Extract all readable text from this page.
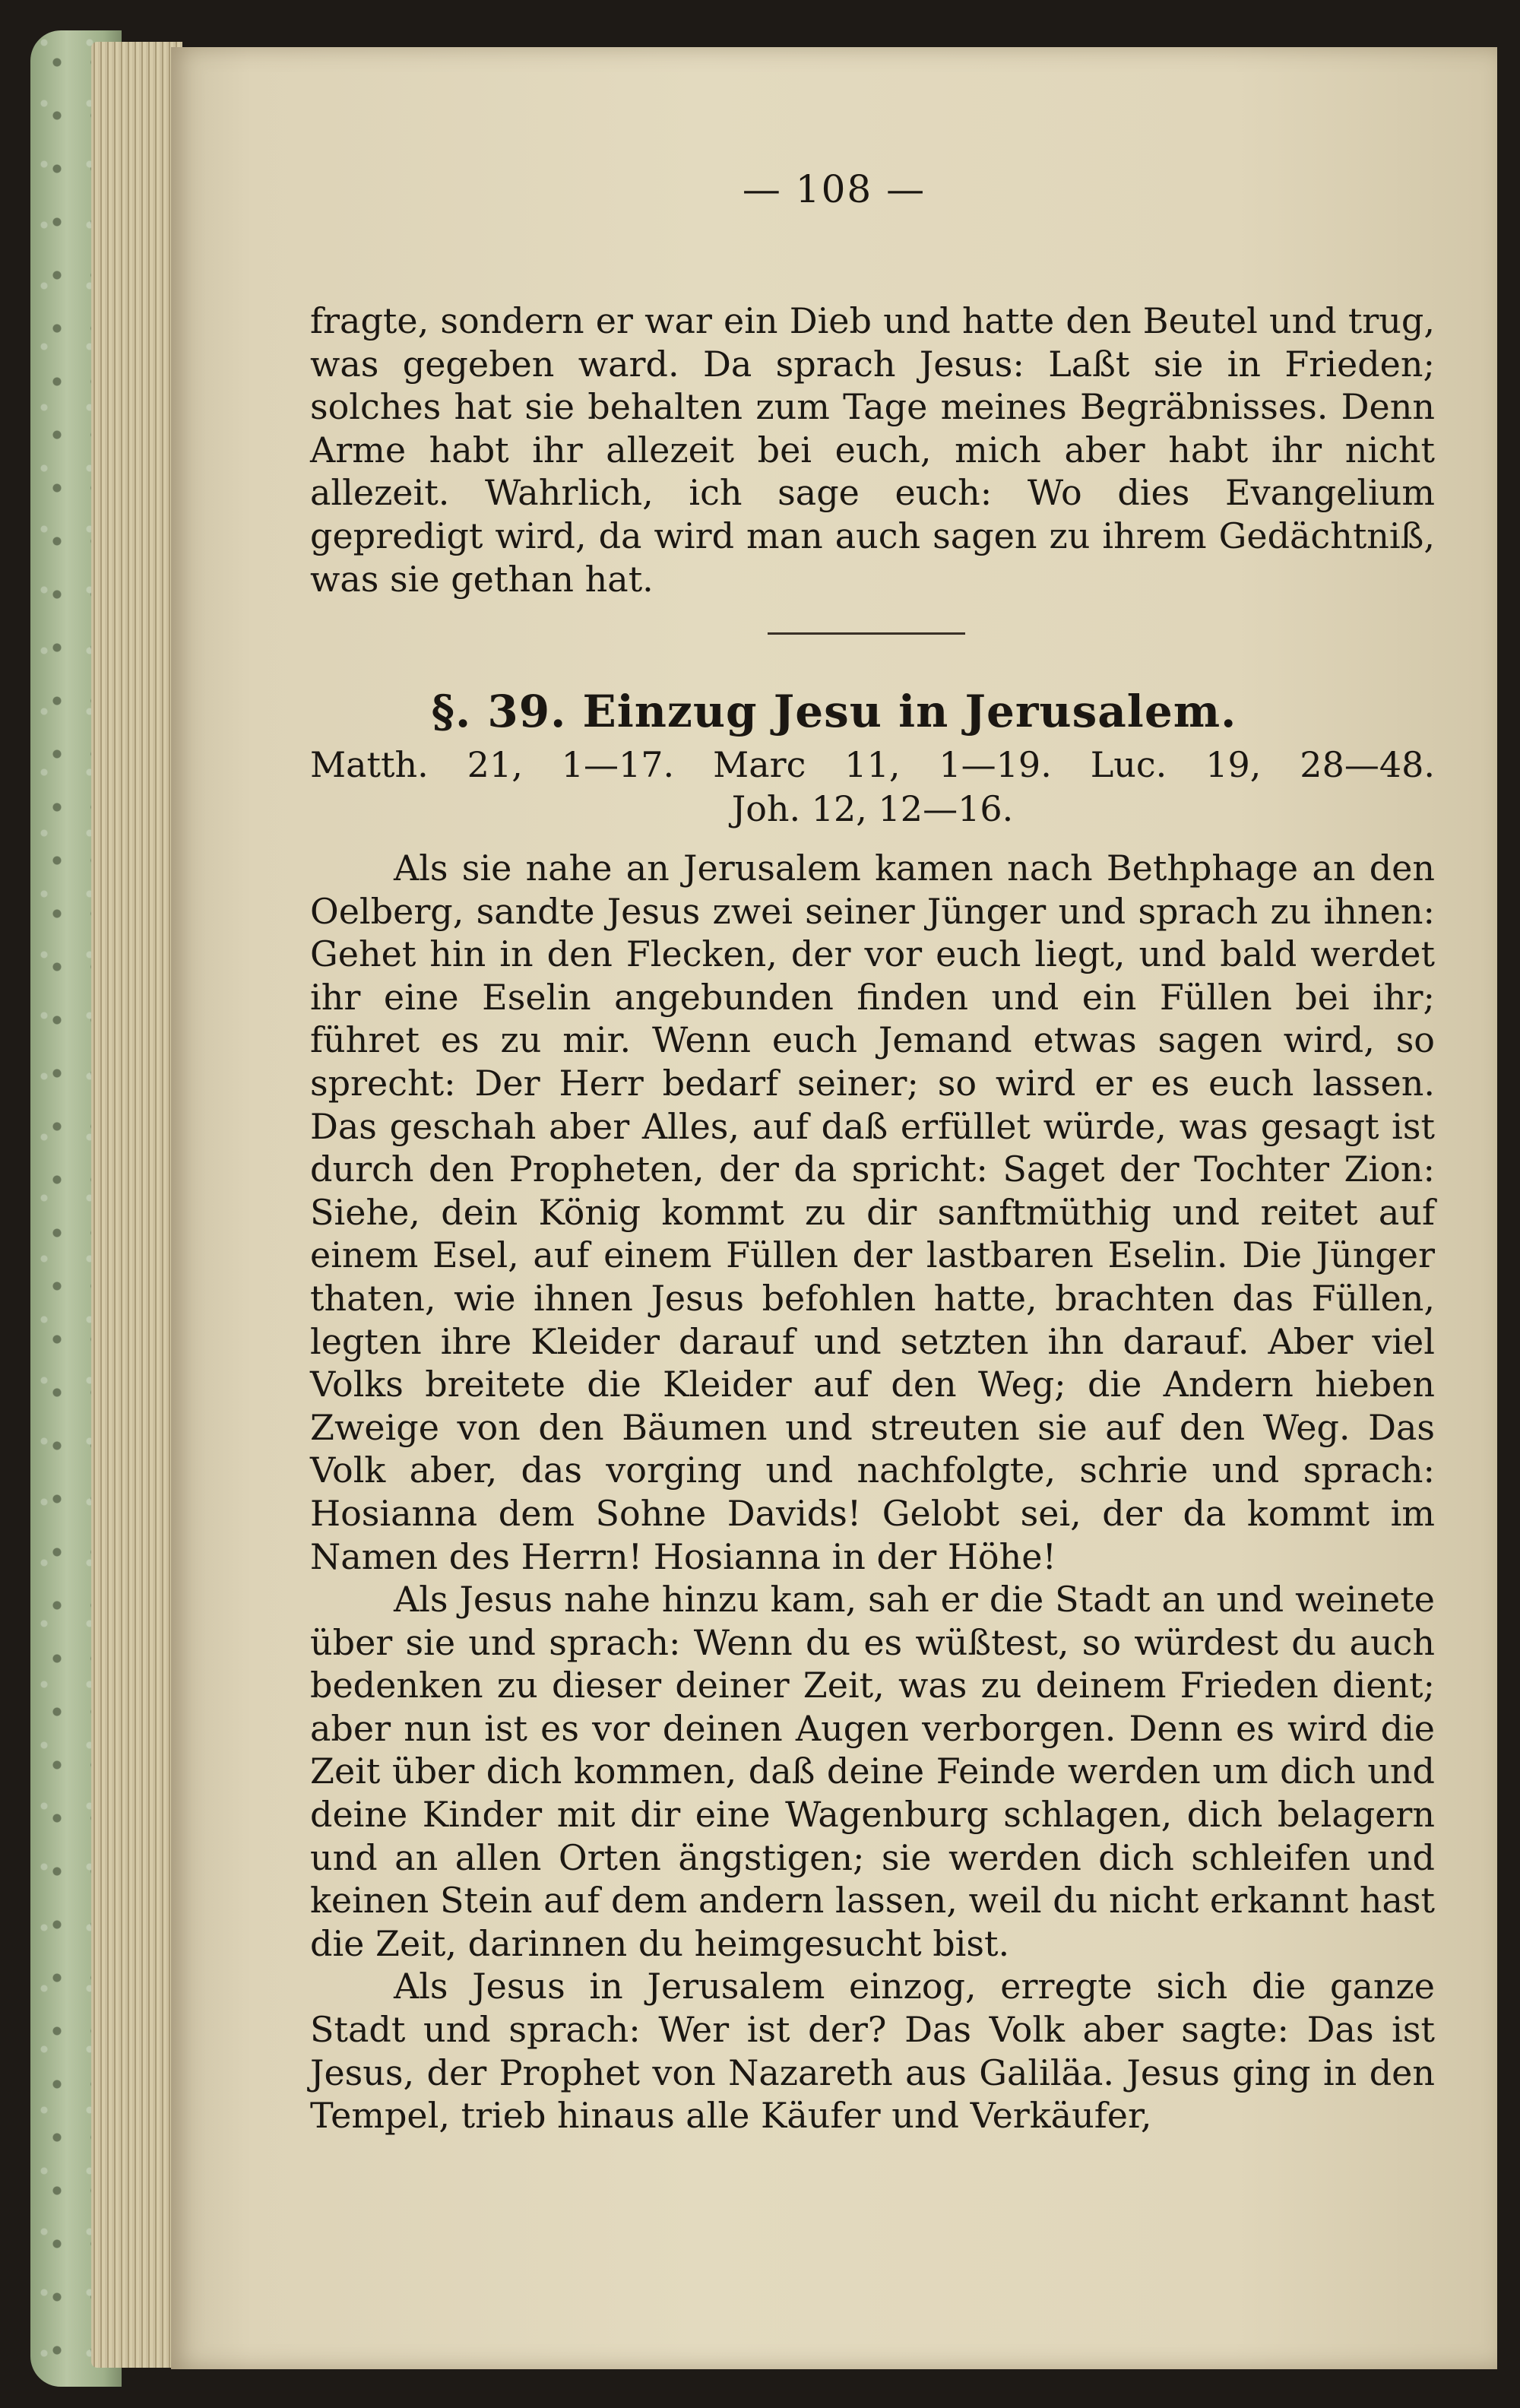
— 108 —

fragte, sondern er war ein Dieb und hatte den Beutel und trug, was gegeben ward. Da sprach Jesus: Laßt sie in Frieden; solches hat sie behalten zum Tage meines Begräbnisses. Denn Arme habt ihr allezeit bei euch, mich aber habt ihr nicht allezeit. Wahrlich, ich sage euch: Wo dies Evangelium gepredigt wird, da wird man auch sagen zu ihrem Gedächtniß, was sie gethan hat.

§. 39. Einzug Jesu in Jerusalem.
Matth. 21, 1—17. Marc 11, 1—19. Luc. 19, 28—48.
Joh. 12, 12—16.

Als sie nahe an Jerusalem kamen nach Bethphage an den Oelberg, sandte Jesus zwei seiner Jünger und sprach zu ihnen: Gehet hin in den Flecken, der vor euch liegt, und bald werdet ihr eine Eselin angebunden finden und ein Füllen bei ihr; führet es zu mir. Wenn euch Jemand etwas sagen wird, so sprecht: Der Herr bedarf seiner; so wird er es euch lassen. Das geschah aber Alles, auf daß erfüllet würde, was gesagt ist durch den Propheten, der da spricht: Saget der Tochter Zion: Siehe, dein König kommt zu dir sanftmüthig und reitet auf einem Esel, auf einem Füllen der lastbaren Eselin. Die Jünger thaten, wie ihnen Jesus befohlen hatte, brachten das Füllen, legten ihre Kleider darauf und setzten ihn darauf. Aber viel Volks breitete die Kleider auf den Weg; die Andern hieben Zweige von den Bäumen und streuten sie auf den Weg. Das Volk aber, das vorging und nachfolgte, schrie und sprach: Hosianna dem Sohne Davids! Gelobt sei, der da kommt im Namen des Herrn! Hosianna in der Höhe!

Als Jesus nahe hinzu kam, sah er die Stadt an und weinete über sie und sprach: Wenn du es wüßtest, so würdest du auch bedenken zu dieser deiner Zeit, was zu deinem Frieden dient; aber nun ist es vor deinen Augen verborgen. Denn es wird die Zeit über dich kommen, daß deine Feinde werden um dich und deine Kinder mit dir eine Wagenburg schlagen, dich belagern und an allen Orten ängstigen; sie werden dich schleifen und keinen Stein auf dem andern lassen, weil du nicht erkannt hast die Zeit, darinnen du heimgesucht bist.

Als Jesus in Jerusalem einzog, erregte sich die ganze Stadt und sprach: Wer ist der? Das Volk aber sagte: Das ist Jesus, der Prophet von Nazareth aus Galiläa. Jesus ging in den Tempel, trieb hinaus alle Käufer und Verkäufer,
